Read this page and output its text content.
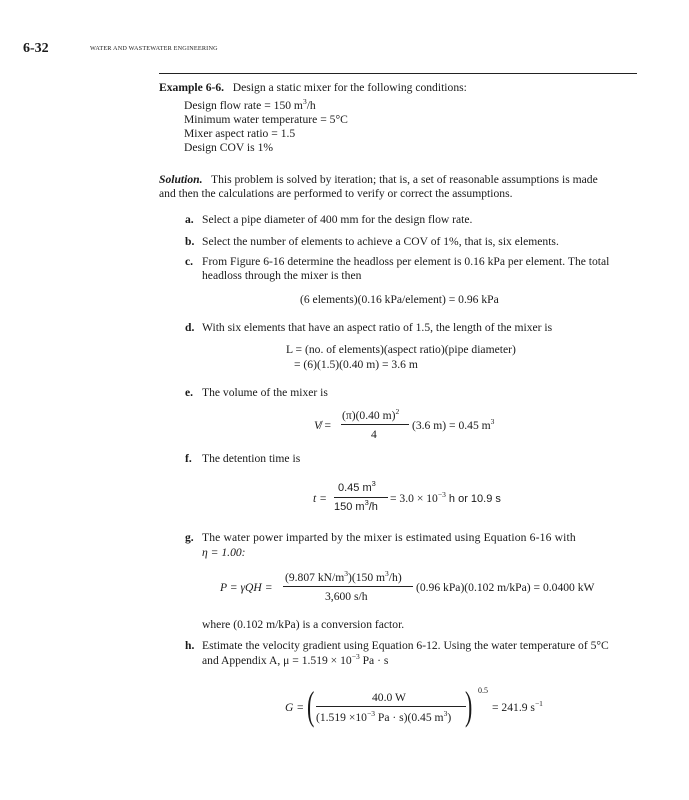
6-32	WATER AND WASTEWATER ENGINEERING
Example 6-6. Design a static mixer for the following conditions:
Design flow rate = 150 $m^3/h$
Minimum water temperature = 5°C
Mixer aspect ratio = 1.5
Design COV is 1%
Solution. This problem is solved by iteration; that is, a set of reasonable assumptions is made
and then the calculations are performed to verify or correct the assumptions.
a. Select a pipe diameter of 400 mm for the design flow rate.
b. Select the number of elements to achieve a COV of 1%, that is, six elements.
c. From Figure 6-16 determine the headloss per element is 0.16 kPa per element. The total
headloss through the mixer is then
(6 elements)(0.16 kPa/element) = 0.96 kPa
d. With six elements that have an aspect ratio of 1.5, the length of the mixer is
L = (no. of elements)(aspect ratio)(pipe diameter)
= (6)(1.5)(0.40 m) = 3.6 m
e. The volume of the mixer is
V̸ =
(π)(0.40 m)$^2$
4
(3.6 m) = 0.45 $m^3$
f. The detention time is
t =
0.45 $m^3$
150 $m^3/h$
= $3.0 \times 10^{-3}$ h or 10.9 s
g. The water power imparted by the mixer is estimated using Equation 6-16 with
η = 1.00:
P = γQH =
(9.807 $kN/m^3)(150$ $m^3/h$)
3,600 s/h
(0.96 kPa)(0.102 m/kPa) = 0.0400 kW
where (0.102 m/kPa) is a conversion factor.
h. Estimate the velocity gradient using Equation 6-12. Using the water temperature of 5°C
and Appendix A, $\mu = 1.519 \times 10^{-3}$ Pa · s
G = (	40.0 W
($1.519 \times 10^{-3}$ Pa · s)(0.45 $m^3$) ) 0.5
= 241.9 $s^{-1}$
